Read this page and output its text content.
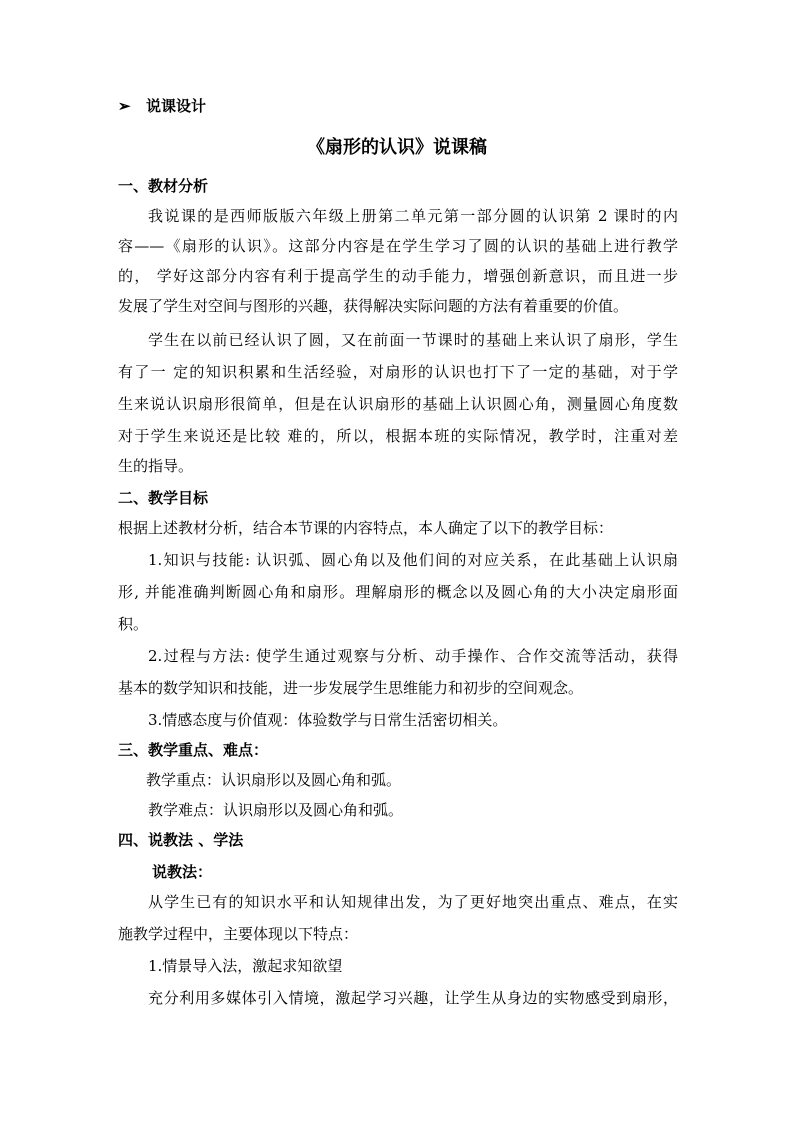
➢ 说课设计
《扇形的认识》说课稿
一、教材分析
我说课的是西师版版六年级上册第二单元第一部分圆的认识第 2 课时的内
容——《扇形的认识》。这部分内容是在学生学习了圆的认识的基础上进行教学
的， 学好这部分内容有利于提高学生的动手能力，增强创新意识，而且进一步
发展了学生对空间与图形的兴趣，获得解决实际问题的方法有着重要的价值。
学生在以前已经认识了圆，又在前面一节课时的基础上来认识了扇形，学生
有了一 定的知识积累和生活经验，对扇形的认识也打下了一定的基础，对于学
生来说认识扇形很简单，但是在认识扇形的基础上认识圆心角，测量圆心角度数
对于学生来说还是比较 难的，所以，根据本班的实际情况，教学时，注重对差
生的指导。
二、教学目标
根据上述教材分析，结合本节课的内容特点，本人确定了以下的教学目标：
1.知识与技能: 认识弧、圆心角以及他们间的对应关系，在此基础上认识扇
形, 并能准确判断圆心角和扇形。理解扇形的概念以及圆心角的大小决定扇形面
积。
2.过程与方法: 使学生通过观察与分析、动手操作、合作交流等活动，获得
基本的数学知识和技能，进一步发展学生思维能力和初步的空间观念。
3.情感态度与价值观：体验数学与日常生活密切相关。
三、教学重点、难点：
教学重点：认识扇形以及圆心角和弧。
教学难点：认识扇形以及圆心角和弧。
四、说教法 、学法
说教法：
从学生已有的知识水平和认知规律出发，为了更好地突出重点、难点，在实
施教学过程中，主要体现以下特点：
1.情景导入法，激起求知欲望
充分利用多媒体引入情境，激起学习兴趣，让学生从身边的实物感受到扇形，
